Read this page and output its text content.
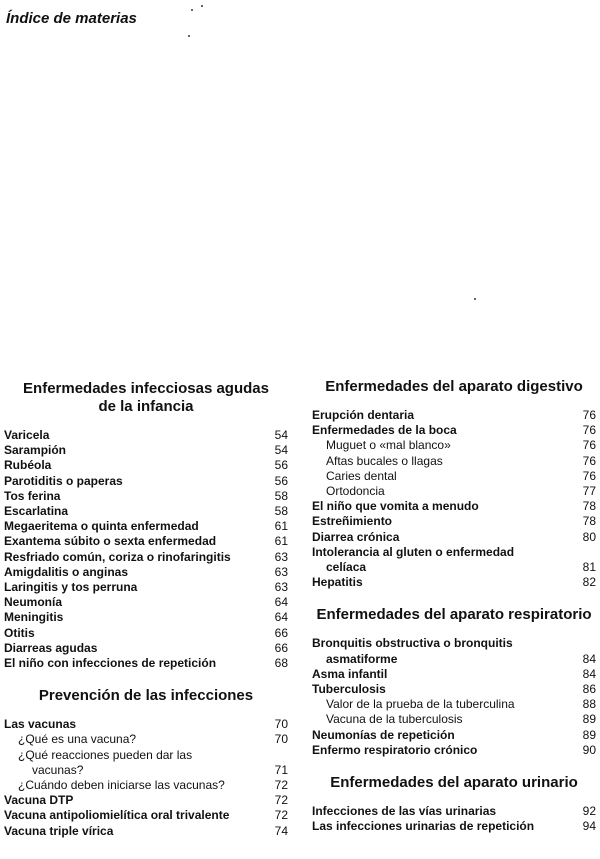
Índice de materias
Enfermedades infecciosas agudas
de la infancia
Varicela	54
Sarampión	54
Rubéola	56
Parotiditis o paperas	56
Tos ferina	58
Escarlatina	58
Megaeritema o quinta enfermedad	61
Exantema súbito o sexta enfermedad	61
Resfriado común, coriza o rinofaringitis	63
Amigdalitis o anginas	63
Laringitis y tos perruna	63
Neumonía	64
Meningitis	64
Otitis	66
Diarreas agudas	66
El niño con infecciones de repetición	68
Prevención de las infecciones
Las vacunas	70
¿Qué es una vacuna?	70
¿Qué reacciones pueden dar las
vacunas?	71
¿Cuándo deben iniciarse las vacunas?	72
Vacuna DTP	72
Vacuna antipoliomielítica oral trivalente	72
Vacuna triple vírica	74
Enfermedades del aparato digestivo
Erupción dentaria	76
Enfermedades de la boca	76
Muguet o «mal blanco»	76
Aftas bucales o llagas	76
Caries dental	76
Ortodoncia	77
El niño que vomita a menudo	78
Estreñimiento	78
Diarrea crónica	80
Intolerancia al gluten o enfermedad
celíaca	81
Hepatitis	82
Enfermedades del aparato respiratorio
Bronquitis obstructiva o bronquitis
asmatiforme	84
Asma infantil	84
Tuberculosis	86
Valor de la prueba de la tuberculina	88
Vacuna de la tuberculosis	89
Neumonías de repetición	89
Enfermo respiratorio crónico	90
Enfermedades del aparato urinario
Infecciones de las vías urinarias	92
Las infecciones urinarias de repetición	94
